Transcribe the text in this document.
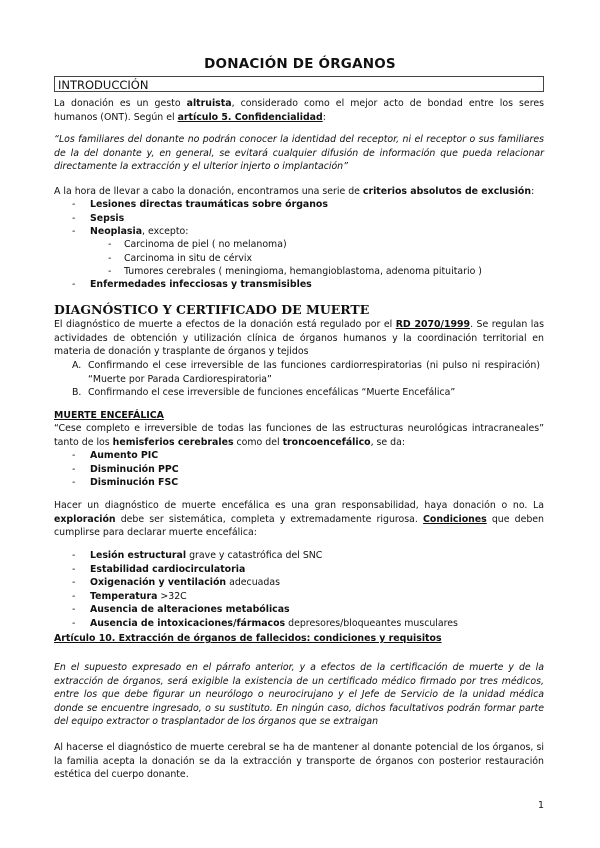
DONACIÓN DE ÓRGANOS
INTRODUCCIÓN
La donación es un gesto altruista, considerado como el mejor acto de bondad entre los seres humanos (ONT). Según el artículo 5. Confidencialidad:
“Los familiares del donante no podrán conocer la identidad del receptor, ni el receptor o sus familiares de la del donante y, en general, se evitará cualquier difusión de información que pueda relacionar directamente la extracción y el ulterior injerto o implantación”
A la hora de llevar a cabo la donación, encontramos una serie de criterios absolutos de exclusión:
- Lesiones directas traumáticas sobre órganos
- Sepsis
- Neoplasia, excepto:
- Carcinoma de piel ( no melanoma)
- Carcinoma in situ de cérvix
- Tumores cerebrales ( meningioma, hemangioblastoma, adenoma pituitario )
- Enfermedades infecciosas y transmisibles
DIAGNÓSTICO Y CERTIFICADO DE MUERTE
El diagnóstico de muerte a efectos de la donación está regulado por el RD 2070/1999. Se regulan las actividades de obtención y utilización clínica de órganos humanos y la coordinación territorial en materia de donación y trasplante de órganos y tejidos
A. Confirmando el cese irreversible de las funciones cardiorrespiratorias (ni pulso ni respiración) “Muerte por Parada Cardiorespiratoria”
B. Confirmando el cese irreversible de funciones encefálicas “Muerte Encefálica”
MUERTE ENCEFÁLICA
“Cese completo e irreversible de todas las funciones de las estructuras neurológicas intracraneales” tanto de los hemisferios cerebrales como del troncoencefálico, se da:
- Aumento PIC
- Disminución PPC
- Disminución FSC
Hacer un diagnóstico de muerte encefálica es una gran responsabilidad, haya donación o no. La exploración debe ser sistemática, completa y extremadamente rigurosa. Condiciones que deben cumplirse para declarar muerte encefálica:
- Lesión estructural grave y catastrófica del SNC
- Estabilidad cardiocirculatoria
- Oxigenación y ventilación adecuadas
- Temperatura >32C
- Ausencia de alteraciones metabólicas
- Ausencia de intoxicaciones/fármacos depresores/bloqueantes musculares
Artículo 10. Extracción de órganos de fallecidos: condiciones y requisitos
En el supuesto expresado en el párrafo anterior, y a efectos de la certificación de muerte y de la extracción de órganos, será exigible la existencia de un certificado médico firmado por tres médicos, entre los que debe figurar un neurólogo o neurocirujano y el Jefe de Servicio de la unidad médica donde se encuentre ingresado, o su sustituto. En ningún caso, dichos facultativos podrán formar parte del equipo extractor o trasplantador de los órganos que se extraigan
Al hacerse el diagnóstico de muerte cerebral se ha de mantener al donante potencial de los órganos, si la familia acepta la donación se da la extracción y transporte de órganos con posterior restauración estética del cuerpo donante.
1
